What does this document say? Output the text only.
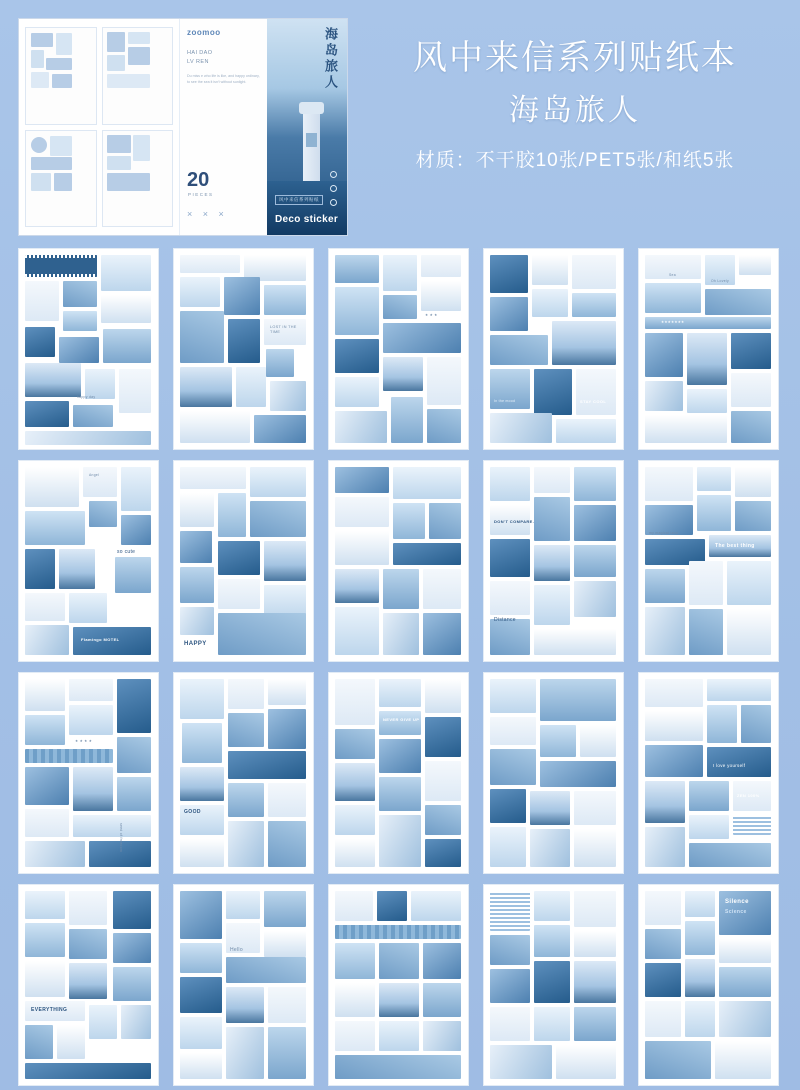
zoomoo
HAI DAO
LV REN
Du miss e who life is like, and happy ordinary, to see the sea it isn't without sunlight.
20
PIECES
× × ×
海岛旅人
风中来信系列贴纸
Deco sticker
风中来信系列贴纸本
海岛旅人
材质：不干胶10张/PET5张/和纸5张
happy day
LOST IN THE TIME
★ ★ ★
In the mood	STAY COOL
Sea
Oh Lovely
★★★★★★★
Angel
so cute
Flamingo MOTEL
HAPPY
DON'T COMPARE.
Distance
my magical land
The best thing
★ ★ ★ ★
seed of freedom
GOOD
NEVER GIVE UP
I love yourself
ZEN 100%
EVERYTHING
Hello
Silence
Science
